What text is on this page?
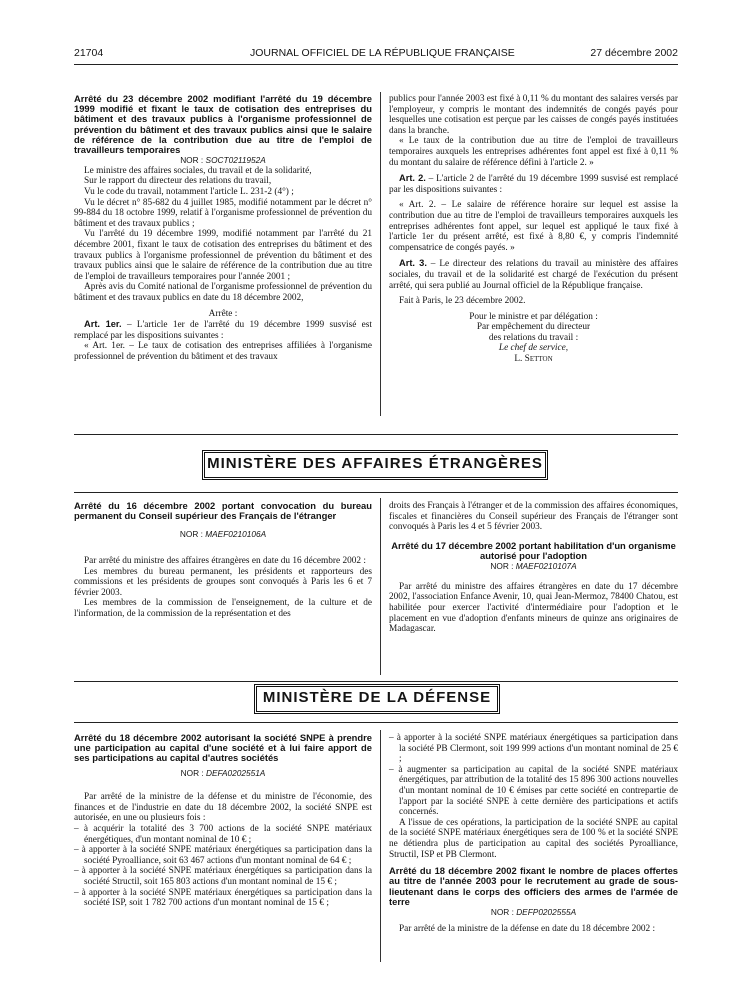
21704	JOURNAL OFFICIEL DE LA RÉPUBLIQUE FRANÇAISE	27 décembre 2002

Arrêté du 23 décembre 2002 modifiant l'arrêté du 19 décembre 1999 modifié et fixant le taux de cotisation des entreprises du bâtiment et des travaux publics à l'organisme professionnel de prévention du bâtiment et des travaux publics ainsi que le salaire de référence de la contribution due au titre de l'emploi de travailleurs temporaires

NOR : SOCT0211952A

Le ministre des affaires sociales, du travail et de la solidarité,

Sur le rapport du directeur des relations du travail,

Vu le code du travail, notamment l'article L. 231-2 (4°) ;

Vu le décret n° 85-682 du 4 juillet 1985, modifié notamment par le décret n° 99-884 du 18 octobre 1999, relatif à l'organisme professionnel de prévention du bâtiment et des travaux publics ;

Vu l'arrêté du 19 décembre 1999, modifié notamment par l'arrêté du 21 décembre 2001, fixant le taux de cotisation des entreprises du bâtiment et des travaux publics à l'organisme professionnel de prévention du bâtiment et des travaux publics ainsi que le salaire de référence de la contribution due au titre de l'emploi de travailleurs temporaires pour l'année 2001 ;

Après avis du Comité national de l'organisme professionnel de prévention du bâtiment et des travaux publics en date du 18 décembre 2002,

Arrête :

Art. 1er. – L'article 1er de l'arrêté du 19 décembre 1999 susvisé est remplacé par les dispositions suivantes :

« Art. 1er. – Le taux de cotisation des entreprises affiliées à l'organisme professionnel de prévention du bâtiment et des travaux

publics pour l'année 2003 est fixé à 0,11 % du montant des salaires versés par l'employeur, y compris le montant des indemnités de congés payés pour lesquelles une cotisation est perçue par les caisses de congés payés instituées dans la branche.

« Le taux de la contribution due au titre de l'emploi de travailleurs temporaires auxquels les entreprises adhérentes font appel est fixé à 0,11 % du montant du salaire de référence défini à l'article 2. »

Art. 2. – L'article 2 de l'arrêté du 19 décembre 1999 susvisé est remplacé par les dispositions suivantes :

« Art. 2. – Le salaire de référence horaire sur lequel est assise la contribution due au titre de l'emploi de travailleurs temporaires auxquels les entreprises adhérentes font appel, sur lequel est appliqué le taux fixé à l'article 1er du présent arrêté, est fixé à 8,80 €, y compris l'indemnité compensatrice de congés payés. »

Art. 3. – Le directeur des relations du travail au ministère des affaires sociales, du travail et de la solidarité est chargé de l'exécution du présent arrêté, qui sera publié au Journal officiel de la République française.

Fait à Paris, le 23 décembre 2002.

Pour le ministre et par délégation :

Par empêchement du directeur

des relations du travail :

Le chef de service,

L. Setton

MINISTÈRE DES AFFAIRES ÉTRANGÈRES

Arrêté du 16 décembre 2002 portant convocation du bureau permanent du Conseil supérieur des Français de l'étranger

NOR : MAEF0210106A

Par arrêté du ministre des affaires étrangères en date du 16 décembre 2002 :

Les membres du bureau permanent, les présidents et rapporteurs des commissions et les présidents de groupes sont convoqués à Paris les 6 et 7 février 2003.

Les membres de la commission de l'enseignement, de la culture et de l'information, de la commission de la représentation et des

droits des Français à l'étranger et de la commission des affaires économiques, fiscales et financières du Conseil supérieur des Français de l'étranger sont convoqués à Paris les 4 et 5 février 2003.

Arrêté du 17 décembre 2002 portant habilitation d'un organisme autorisé pour l'adoption

NOR : MAEF0210107A

Par arrêté du ministre des affaires étrangères en date du 17 décembre 2002, l'association Enfance Avenir, 10, quai Jean-Mermoz, 78400 Chatou, est habilitée pour exercer l'activité d'intermédiaire pour l'adoption et le placement en vue d'adoption d'enfants mineurs de quinze ans originaires de Madagascar.

MINISTÈRE DE LA DÉFENSE

Arrêté du 18 décembre 2002 autorisant la société SNPE à prendre une participation au capital d'une société et à lui faire apport de ses participations au capital d'autres sociétés

NOR : DEFA0202551A

Par arrêté de la ministre de la défense et du ministre de l'économie, des finances et de l'industrie en date du 18 décembre 2002, la société SNPE est autorisée, en une ou plusieurs fois :

– à acquérir la totalité des 3 700 actions de la société SNPE matériaux énergétiques, d'un montant nominal de 10 € ;

– à apporter à la société SNPE matériaux énergétiques sa participation dans la société Pyroalliance, soit 63 467 actions d'un montant nominal de 64 € ;

– à apporter à la société SNPE matériaux énergétiques sa participation dans la société Structil, soit 165 803 actions d'un montant nominal de 15 € ;

– à apporter à la société SNPE matériaux énergétiques sa participation dans la société ISP, soit 1 782 700 actions d'un montant nominal de 15 € ;

– à apporter à la société SNPE matériaux énergétiques sa participation dans la société PB Clermont, soit 199 999 actions d'un montant nominal de 25 € ;

– à augmenter sa participation au capital de la société SNPE matériaux énergétiques, par attribution de la totalité des 15 896 300 actions nouvelles d'un montant nominal de 10 € émises par cette société en contrepartie de l'apport par la société SNPE à cette dernière des participations et actifs concernés.

A l'issue de ces opérations, la participation de la société SNPE au capital de la société SNPE matériaux énergétiques sera de 100 % et la société SNPE ne détiendra plus de participation au capital des sociétés Pyroalliance, Structil, ISP et PB Clermont.

Arrêté du 18 décembre 2002 fixant le nombre de places offertes au titre de l'année 2003 pour le recrutement au grade de sous-lieutenant dans le corps des officiers des armes de l'armée de terre

NOR : DEFP0202555A

Par arrêté de la ministre de la défense en date du 18 décembre 2002 :
